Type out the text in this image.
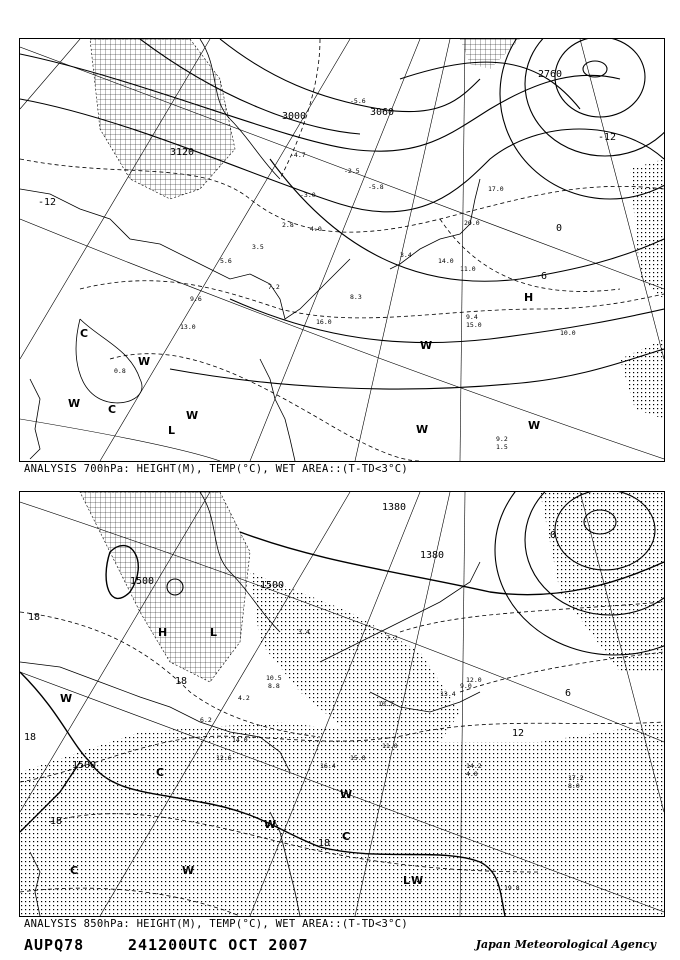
3000	3060
3120
2760
-12
-12
0
-6
H
W
W
W
W
W	W
C
C
L
-4.7
-5.6
-3.0
2.8
3.5
4.0
7.2
9.6
13.0
16.0
11.0
15.0
9.4
10.0
17.0
9.2
1.5
20.0
-2.5
-5.8
5.6
8.3
3.4
14.0
0.8
ANALYSIS 700hPa: HEIGHT(M), TEMP(°C), WET AREA::(T-TD<3°C)
1500	1500
1500
1380
1380
18
18
18
18
18
12
6
0
H
W
W
W
W
W
C
C
C
L
L
12.6
14.0
10.5
8.8
11.0
15.0
14.2
4.0	17.2
8.0
16.4
9.0
13.4
12.0
10.7
7.2
3.4
4.2
6.2
19.8
ANALYSIS 850hPa: HEIGHT(M), TEMP(°C), WET AREA::(T-TD<3°C)
AUPQ78	241200UTC OCT 2007	Japan Meteorological Agency
